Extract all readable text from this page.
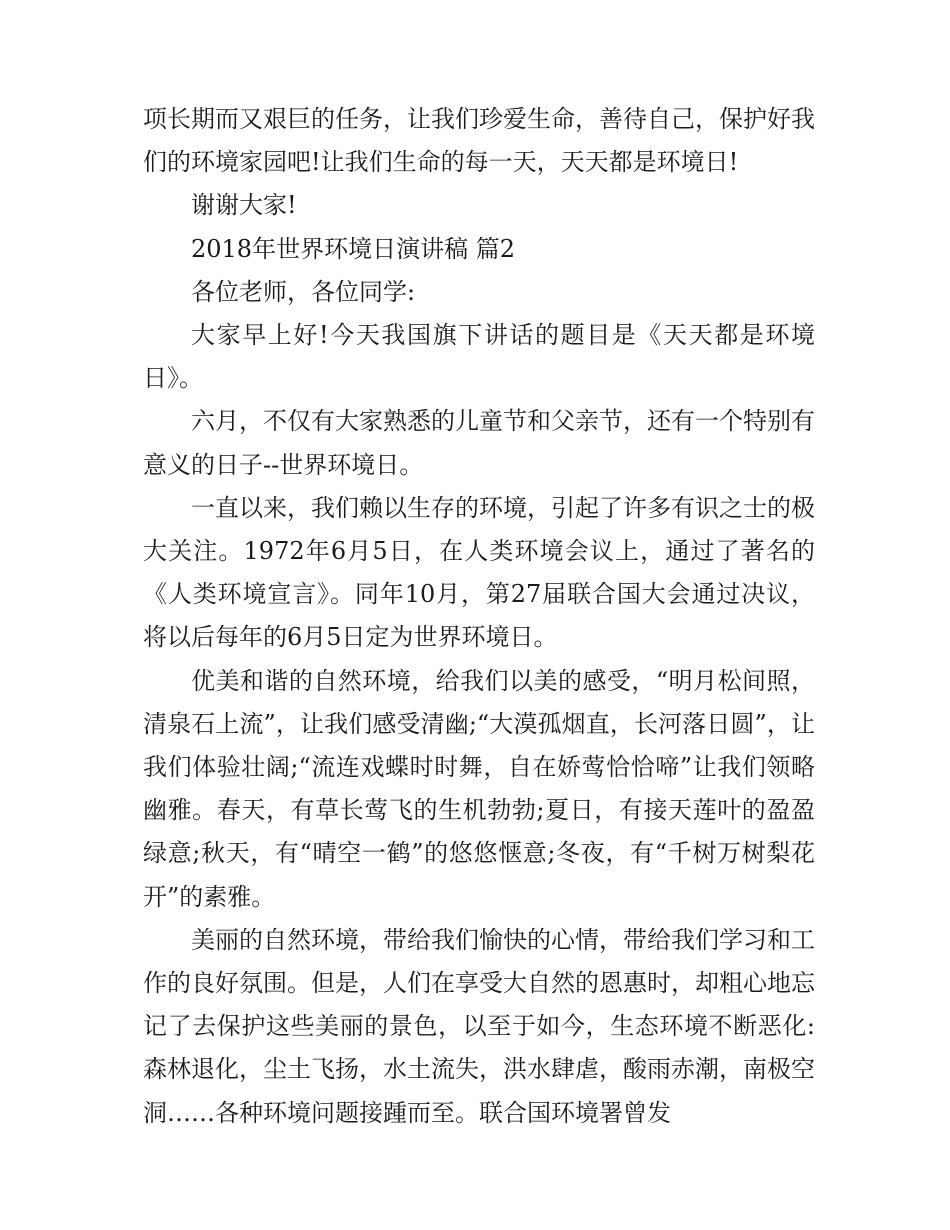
项长期而又艰巨的任务，让我们珍爱生命，善待自己，保护好我们的环境家园吧!让我们生命的每一天，天天都是环境日!

谢谢大家!

2018年世界环境日演讲稿 篇2

各位老师，各位同学:

大家早上好!今天我国旗下讲话的题目是《天天都是环境日》。

六月，不仅有大家熟悉的儿童节和父亲节，还有一个特别有意义的日子--世界环境日。

一直以来，我们赖以生存的环境，引起了许多有识之士的极大关注。1972年6月5日，在人类环境会议上，通过了著名的《人类环境宣言》。同年10月，第27届联合国大会通过决议，将以后每年的6月5日定为世界环境日。

优美和谐的自然环境，给我们以美的感受，“明月松间照，清泉石上流”，让我们感受清幽;“大漠孤烟直，长河落日圆”，让我们体验壮阔;“流连戏蝶时时舞，自在娇莺恰恰啼”让我们领略幽雅。春天，有草长莺飞的生机勃勃;夏日，有接天莲叶的盈盈绿意;秋天，有“晴空一鹤”的悠悠惬意;冬夜，有“千树万树梨花开”的素雅。

美丽的自然环境，带给我们愉快的心情，带给我们学习和工作的良好氛围。但是，人们在享受大自然的恩惠时，却粗心地忘记了去保护这些美丽的景色，以至于如今，生态环境不断恶化:森林退化，尘土飞扬，水土流失，洪水肆虐，酸雨赤潮，南极空洞……各种环境问题接踵而至。联合国环境署曾发
